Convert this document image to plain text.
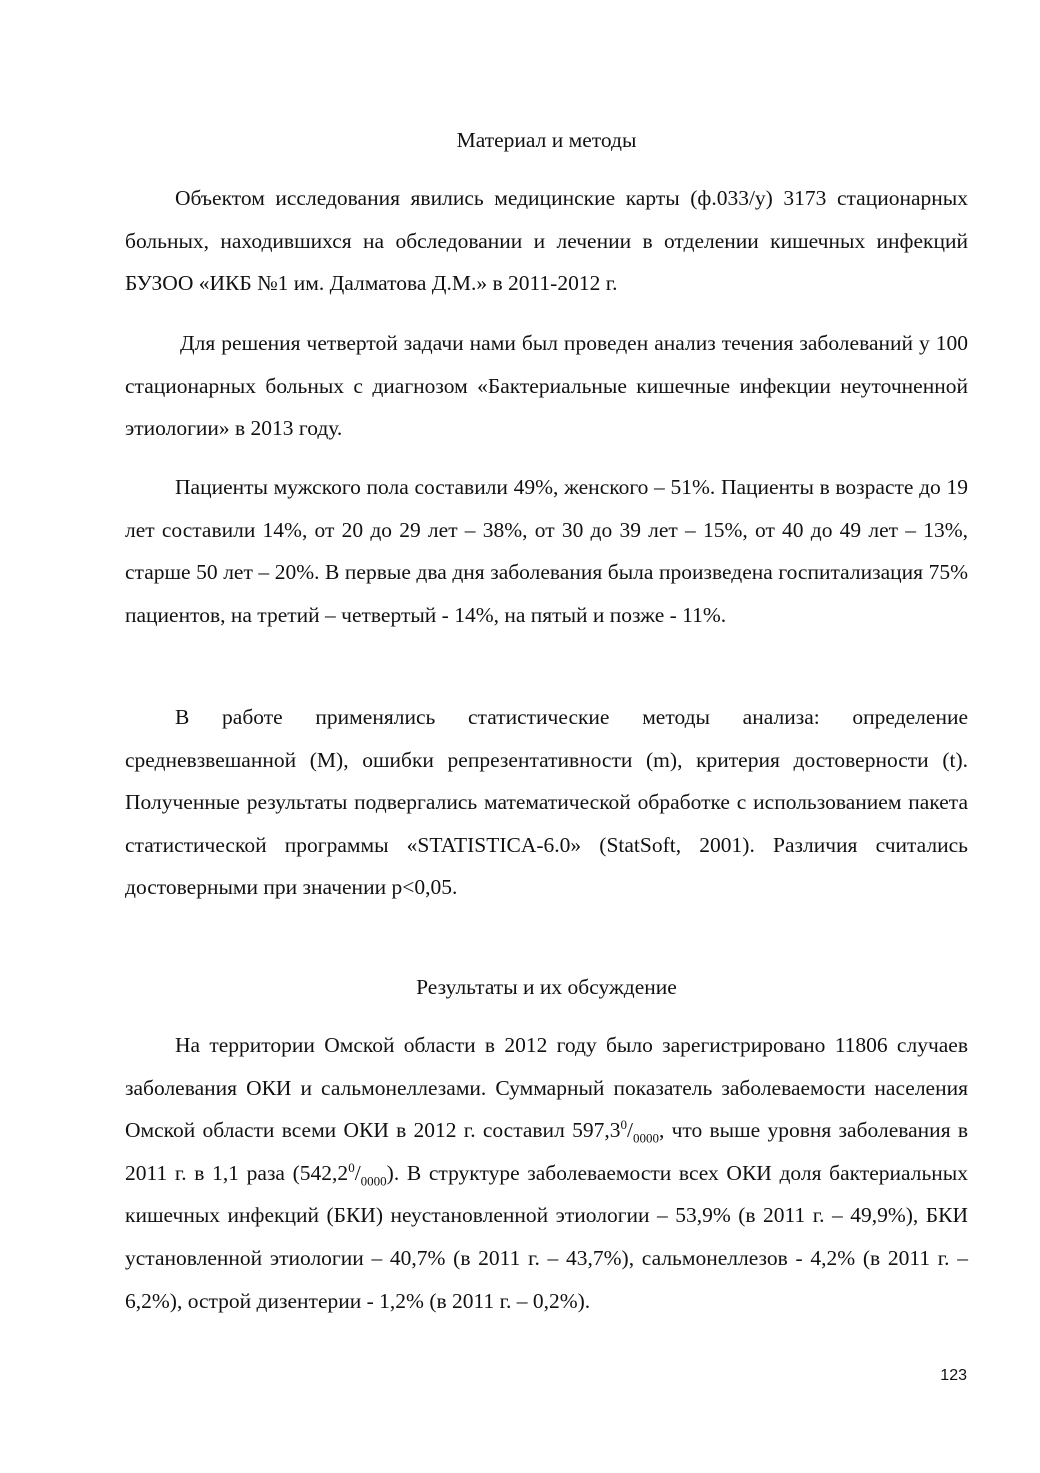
Материал и методы

Объектом исследования явились медицинские карты (ф.033/у) 3173 стационарных больных, находившихся на обследовании и лечении в отделении кишечных инфекций БУЗОО «ИКБ №1 им. Далматова Д.М.» в 2011-2012 г.

Для решения четвертой задачи нами был проведен анализ течения заболеваний у 100 стационарных больных с диагнозом «Бактериальные кишечные инфекции неуточненной этиологии» в 2013 году.

Пациенты мужского пола составили 49%, женского – 51%. Пациенты в возрасте до 19 лет составили 14%, от 20 до 29 лет – 38%, от 30 до 39 лет – 15%, от 40 до 49 лет – 13%, старше 50 лет – 20%. В первые два дня заболевания была произведена госпитализация 75% пациентов, на третий – четвертый - 14%, на пятый и позже - 11%.

В работе применялись статистические методы анализа: определение средневзвешанной (М), ошибки репрезентативности (m), критерия достоверности (t). Полученные результаты подвергались математической обработке с использованием пакета статистической программы «STATISTICA-6.0» (StatSoft, 2001). Различия считались достоверными при значении p<0,05.

Результаты и их обсуждение

На территории Омской области в 2012 году было зарегистрировано 11806 случаев заболевания ОКИ и сальмонеллезами. Суммарный показатель заболеваемости населения Омской области всеми ОКИ в 2012 г. составил $597,3^0/_{0000}$, что выше уровня заболевания в 2011 г. в 1,1 раза $(542,2^0/_{0000})$. В структуре заболеваемости всех ОКИ доля бактериальных кишечных инфекций (БКИ) неустановленной этиологии – 53,9% (в 2011 г. – 49,9%), БКИ установленной этиологии – 40,7% (в 2011 г. – 43,7%), сальмонеллезов - 4,2% (в 2011 г. – 6,2%), острой дизентерии - 1,2% (в 2011 г. – 0,2%).

123
